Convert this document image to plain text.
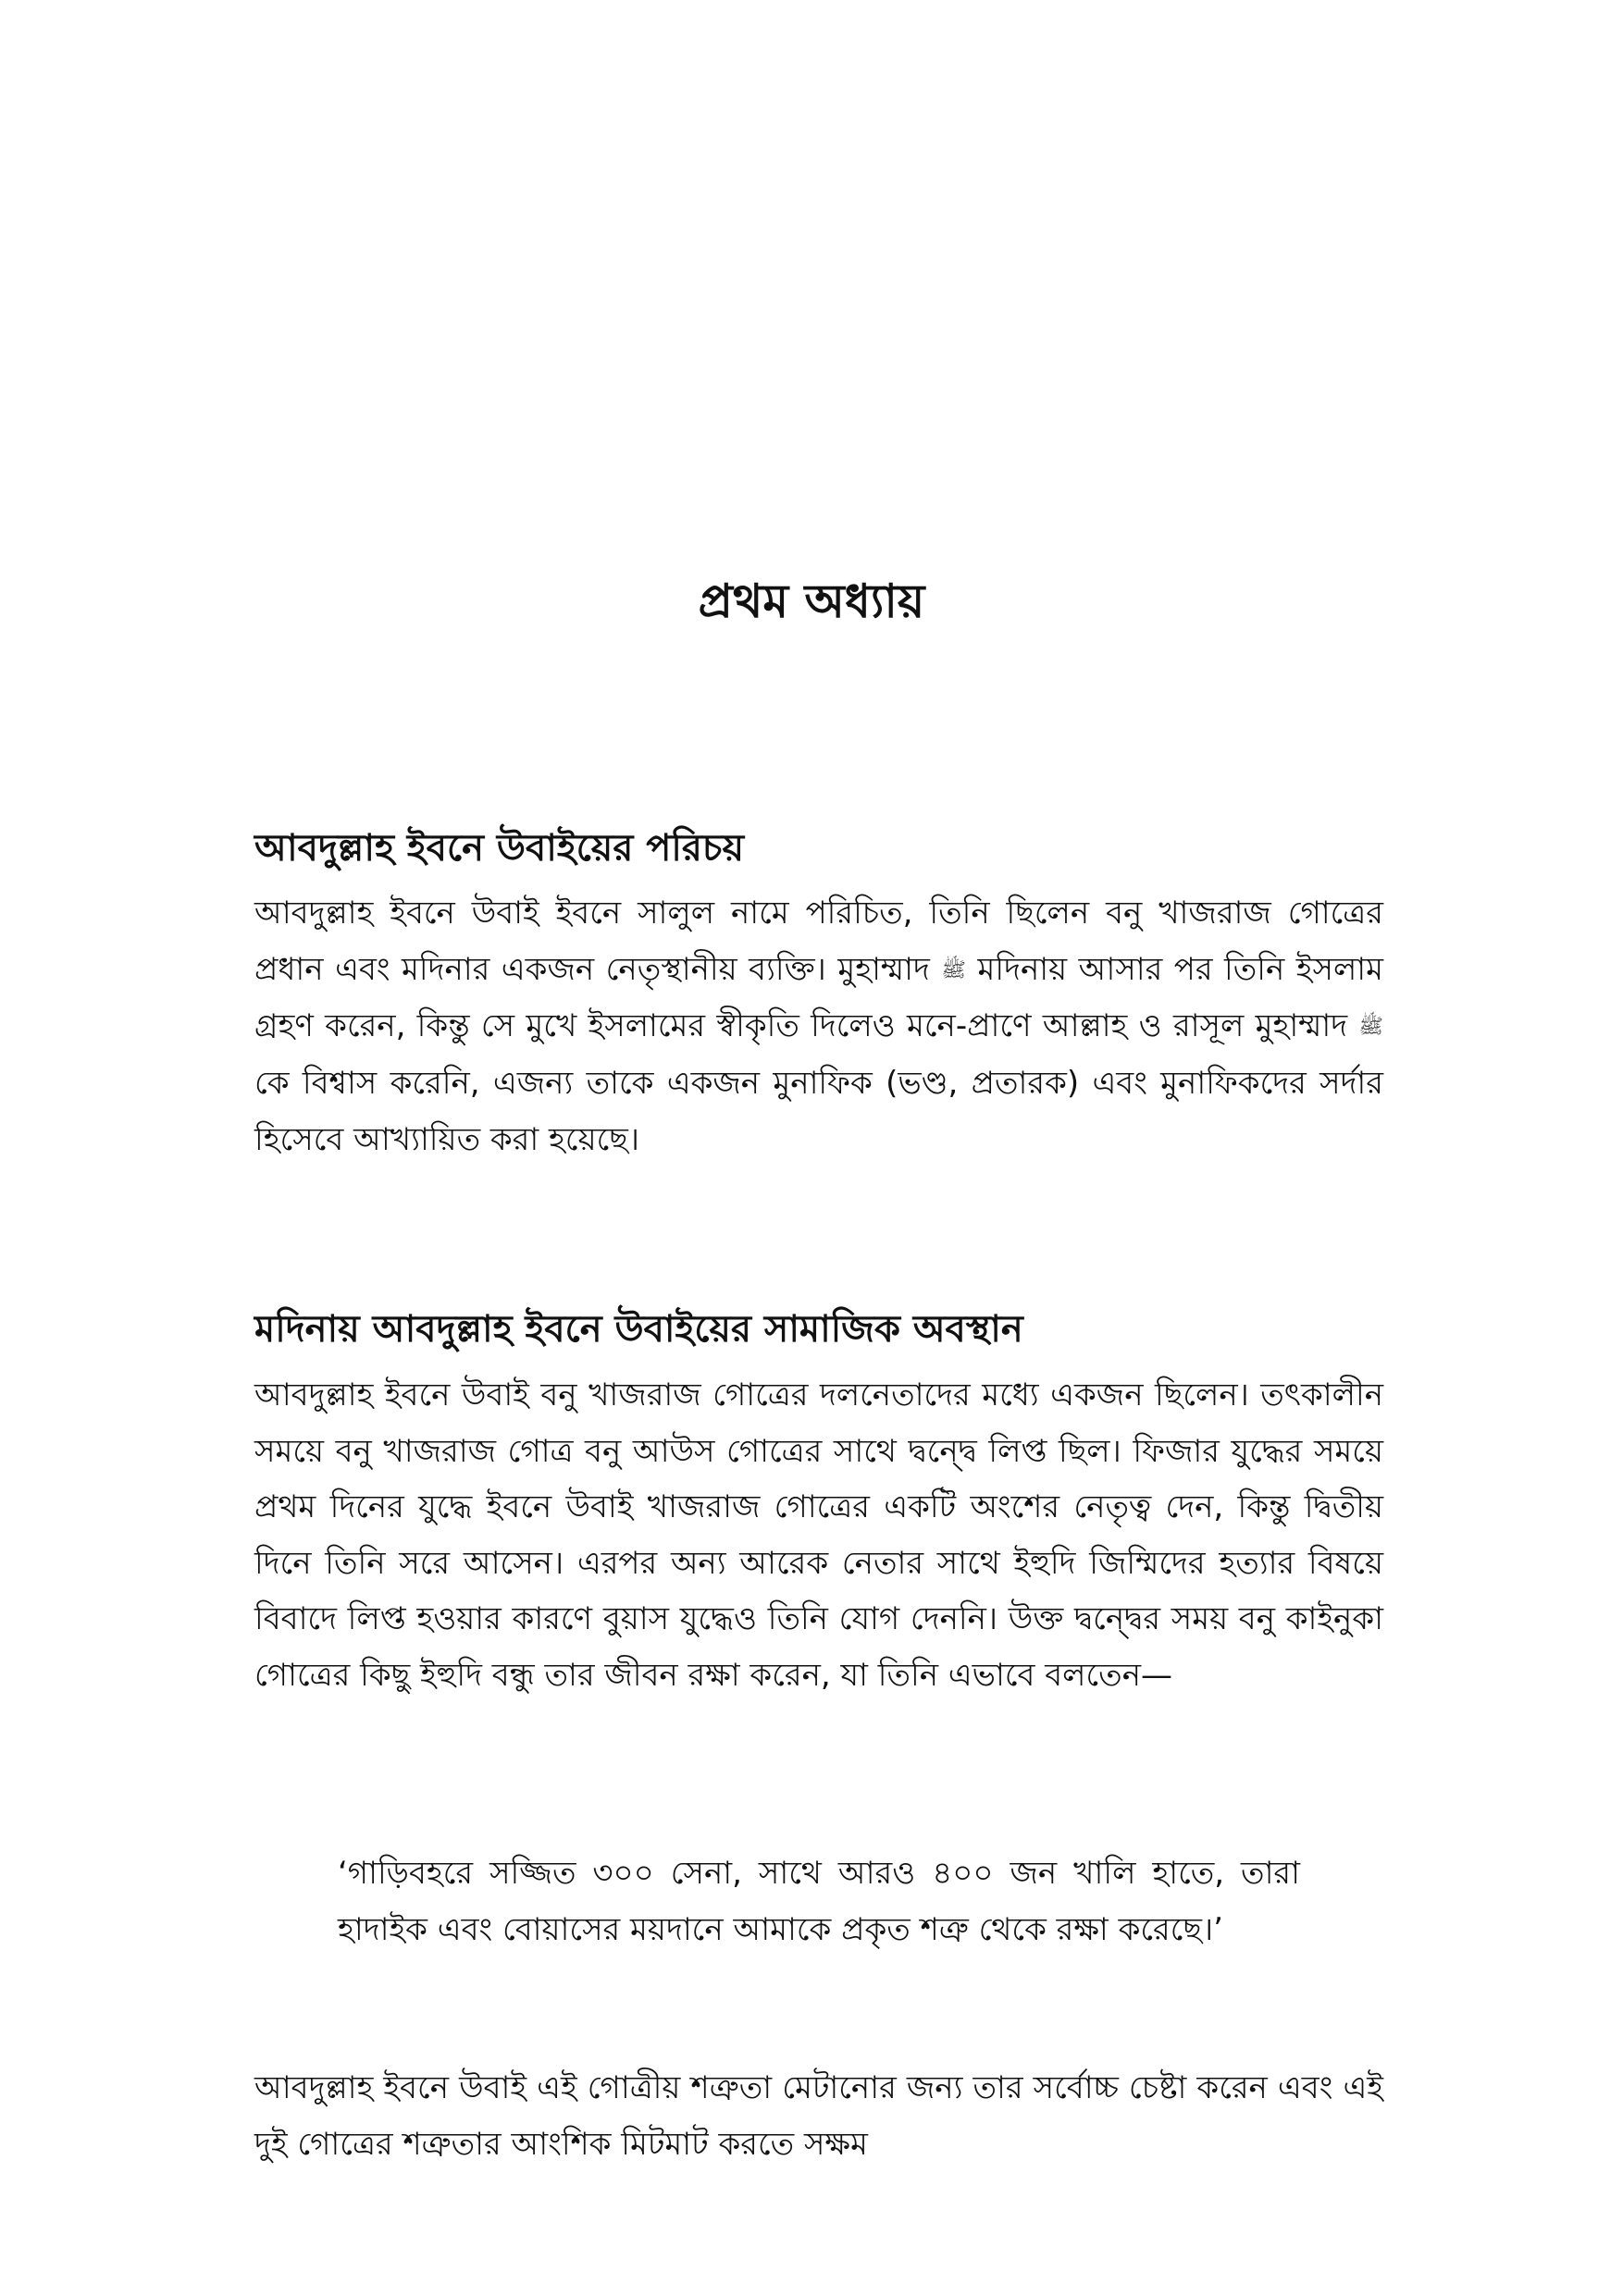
প্রথম অধ্যায়
আবদুল্লাহ ইবনে উবাইয়ের পরিচয়

আবদুল্লাহ ইবনে উবাই ইবনে সালুল নামে পরিচিত, তিনি ছিলেন বনু খাজরাজ গোত্রের প্রধান এবং মদিনার একজন নেতৃস্থানীয় ব্যক্তি। মুহাম্মাদ ﷺ মদিনায় আসার পর তিনি ইসলাম গ্রহণ করেন, কিন্তু সে মুখে ইসলামের স্বীকৃতি দিলেও মনে-প্রাণে আল্লাহ ও রাসূল মুহাম্মাদ ﷺ কে বিশ্বাস করেনি, এজন্য তাকে একজন মুনাফিক (ভণ্ড, প্রতারক) এবং মুনাফিকদের সর্দার হিসেবে আখ্যায়িত করা হয়েছে।

মদিনায় আবদুল্লাহ ইবনে উবাইয়ের সামাজিক অবস্থান

আবদুল্লাহ ইবনে উবাই বনু খাজরাজ গোত্রের দলনেতাদের মধ্যে একজন ছিলেন। তৎকালীন সময়ে বনু খাজরাজ গোত্র বনু আউস গোত্রের সাথে দ্বন্দ্বে লিপ্ত ছিল। ফিজার যুদ্ধের সময়ে প্রথম দিনের যুদ্ধে ইবনে উবাই খাজরাজ গোত্রের একটি অংশের নেতৃত্ব দেন, কিন্তু দ্বিতীয় দিনে তিনি সরে আসেন। এরপর অন্য আরেক নেতার সাথে ইহুদি জিম্মিদের হত্যার বিষয়ে বিবাদে লিপ্ত হওয়ার কারণে বুয়াস যুদ্ধেও তিনি যোগ দেননি। উক্ত দ্বন্দ্বের সময় বনু কাইনুকা গোত্রের কিছু ইহুদি বন্ধু তার জীবন রক্ষা করেন, যা তিনি এভাবে বলতেন—

‘গাড়িবহরে সজ্জিত ৩০০ সেনা, সাথে আরও ৪০০ জন খালি হাতে, তারা হাদাইক এবং বোয়াসের ময়দানে আমাকে প্রকৃত শত্রু থেকে রক্ষা করেছে।’

আবদুল্লাহ ইবনে উবাই এই গোত্রীয় শত্রুতা মেটানোর জন্য তার সর্বোচ্চ চেষ্টা করেন এবং এই দুই গোত্রের শত্রুতার আংশিক মিটমাট করতে সক্ষম
